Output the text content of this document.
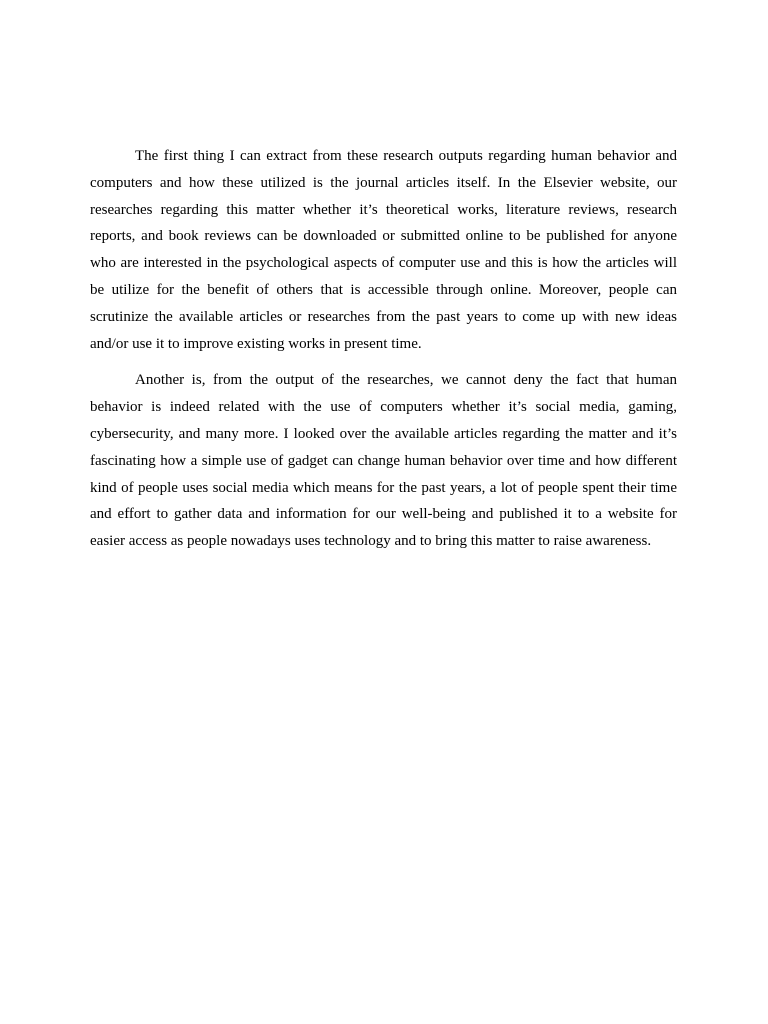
The first thing I can extract from these research outputs regarding human behavior and computers and how these utilized is the journal articles itself. In the Elsevier website, our researches regarding this matter whether it’s theoretical works, literature reviews, research reports, and book reviews can be downloaded or submitted online to be published for anyone who are interested in the psychological aspects of computer use and this is how the articles will be utilize for the benefit of others that is accessible through online. Moreover, people can scrutinize the available articles or researches from the past years to come up with new ideas and/or use it to improve existing works in present time.

Another is, from the output of the researches, we cannot deny the fact that human behavior is indeed related with the use of computers whether it’s social media, gaming, cybersecurity, and many more. I looked over the available articles regarding the matter and it’s fascinating how a simple use of gadget can change human behavior over time and how different kind of people uses social media which means for the past years, a lot of people spent their time and effort to gather data and information for our well-being and published it to a website for easier access as people nowadays uses technology and to bring this matter to raise awareness.
